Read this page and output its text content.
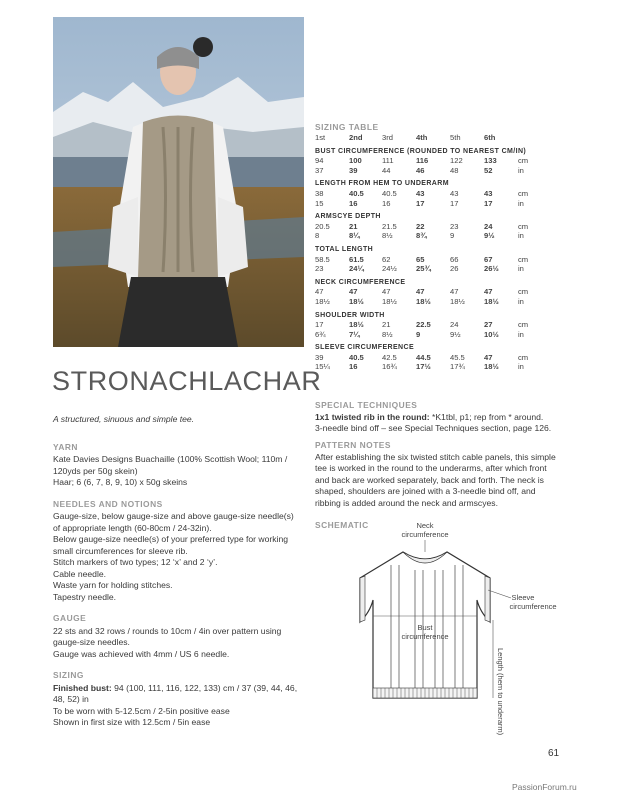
STRONACHLACHAR

A structured, sinuous and simple tee.

YARN

Kate Davies Designs Buachaille (100% Scottish Wool; 110m /

120yds per 50g skein)

Haar; 6 (6, 7, 8, 9, 10) x 50g skeins

NEEDLES AND NOTIONS

Gauge-size, below gauge-size and above gauge-size needle(s)

of appropriate length (60-80cm / 24-32in).

Below gauge-size needle(s) of your preferred type for working

small circumferences for sleeve rib.

Stitch markers of two types; 12 ‘x’ and 2 ‘y’.

Cable needle.

Waste yarn for holding stitches.

Tapestry needle.

GAUGE

22 sts and 32 rows / rounds to 10cm / 4in over pattern using

gauge-size needles.

Gauge was achieved with 4mm / US 6 needle.

SIZING

Finished bust: 94 (100, 111, 116, 122, 133) cm / 37 (39, 44, 46,

48, 52) in

To be worn with 5-12.5cm / 2-5in positive ease

Shown in first size with 12.5cm / 5in ease

SIZING TABLE
1st	2nd	3rd	4th	5th	6th	
BUST CIRCUMFERENCE (ROUNDED TO NEAREST CM/IN)						
94	100	111	116	122	133	cm
37	39	44	46	48	52	in
LENGTH FROM HEM TO UNDERARM						
38	40.5	40.5	43	43	43	cm
15	16	16	17	17	17	in
ARMSCYE DEPTH						
20.5	21	21.5	22	23	24	cm
8	8¼	8½	8¾	9	9½	in
TOTAL LENGTH						
58.5	61.5	62	65	66	67	cm
23	24¼	24½	25¾	26	26½	in
NECK CIRCUMFERENCE						
47	47	47	47	47	47	cm
18½	18½	18½	18½	18½	18½	in
SHOULDER WIDTH						
17	18½	21	22.5	24	27	cm
6¾	7¼	8½	9	9½	10½	in
SLEEVE CIRCUMFERENCE						
39	40.5	42.5	44.5	45.5	47	cm
15¼	16	16¾	17½	17¾	18½	in

SPECIAL TECHNIQUES

1x1 twisted rib in the round: *K1tbl, p1; rep from * around.

3-needle bind off – see Special Techniques section, page 126.

PATTERN NOTES

After establishing the six twisted stitch cable panels, this simple

tee is worked in the round to the underarms, after which front

and back are worked separately, back and forth. The neck is

shaped, shoulders are joined with a 3-needle bind off, and

ribbing is added around the neck and armscyes.

SCHEMATIC	Neck
circumference
Bust
circumference
Sleeve
circumference
Length (hem to underarm)
61
PassionForum.ru
